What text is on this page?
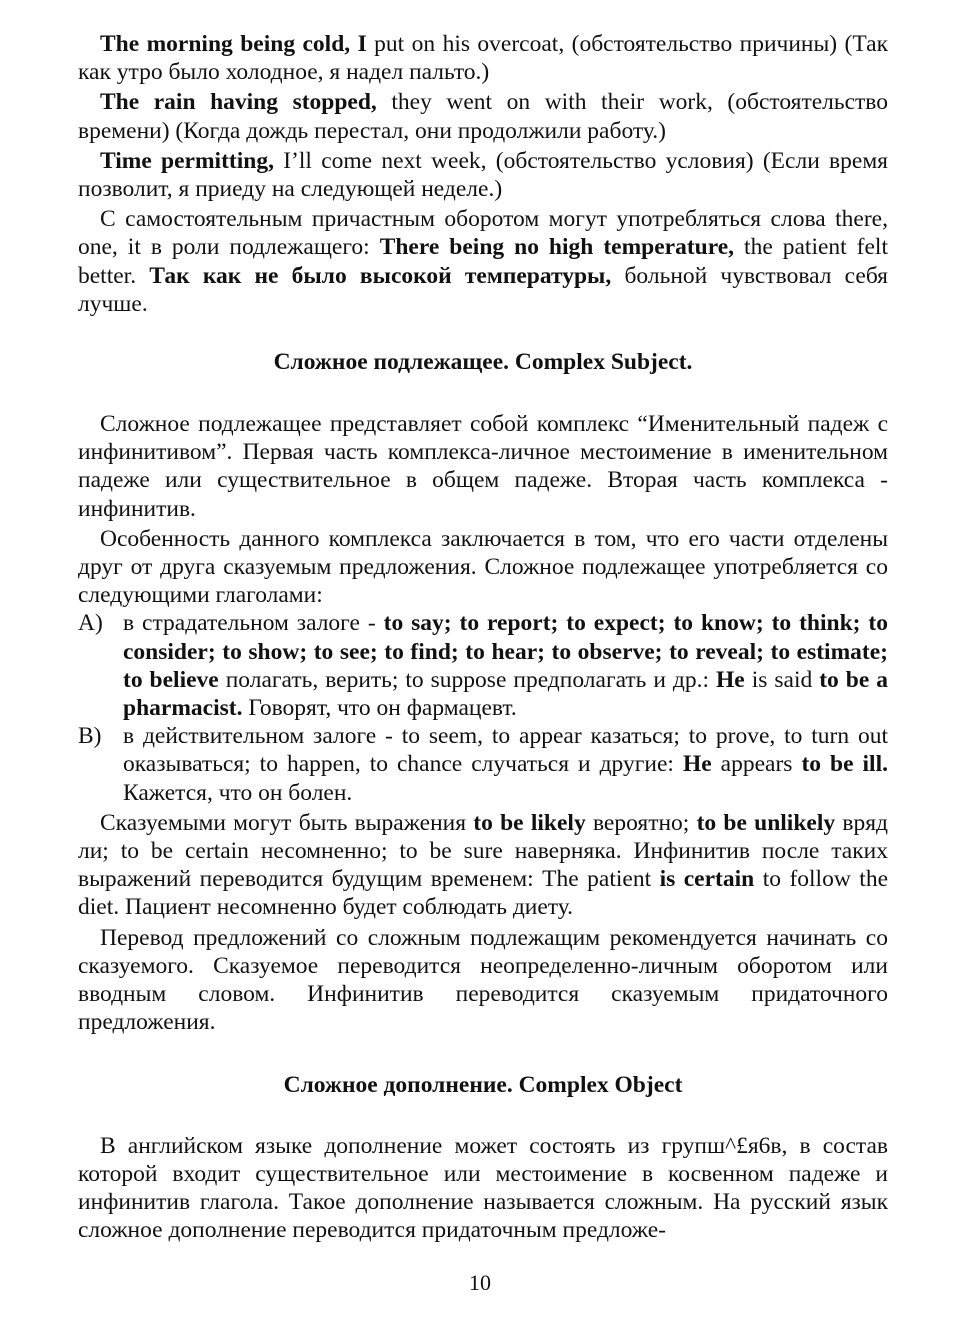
The morning being cold, I put on his overcoat, (обстоятельство причины) (Так как утро было холодное, я надел пальто.)

The rain having stopped, they went on with their work, (обстоятельство времени) (Когда дождь перестал, они продолжили работу.)

Time permitting, I’ll come next week, (обстоятельство условия) (Если время позволит, я приеду на следующей неделе.)

С самостоятельным причастным оборотом могут употребляться слова there, one, it в роли подлежащего: There being no high temperature, the patient felt better. Так как не было высокой температуры, больной чувствовал себя лучше.

Сложное подлежащее. Complex Subject.

Сложное подлежащее представляет собой комплекс “Именительный падеж с инфинитивом”. Первая часть комплекса-личное местоимение в именительном падеже или существительное в общем падеже. Вторая часть комплекса - инфинитив.

Особенность данного комплекса заключается в том, что его части отделены друг от друга сказуемым предложения. Сложное подлежащее употребляется со следующими глаголами:

A) в страдательном залоге - to say; to report; to expect; to know; to think; to consider; to show; to see; to find; to hear; to observe; to reveal; to estimate; to believe полагать, верить; to suppose предполагать и др.: He is said to be a pharmacist. Говорят, что он фармацевт.
B) в действительном залоге - to seem, to appear казаться; to prove, to turn out оказываться; to happen, to chance случаться и другие: He appears to be ill. Кажется, что он болен.

Сказуемыми могут быть выражения to be likely вероятно; to be unlikely вряд ли; to be certain несомненно; to be sure наверняка. Инфинитив после таких выражений переводится будущим временем: The patient is certain to follow the diet. Пациент несомненно будет соблюдать диету.

Перевод предложений со сложным подлежащим рекомендуется начинать со сказуемого. Сказуемое переводится неопределенно-личным оборотом или вводным словом. Инфинитив переводится сказуемым придаточного предложения.

Сложное дополнение. Complex Object

В английском языке дополнение может состоять из групш^£я6в, в состав которой входит существительное или местоимение в косвенном падеже и инфинитив глагола. Такое дополнение называется сложным. На русский язык сложное дополнение переводится придаточным предложе-

10
